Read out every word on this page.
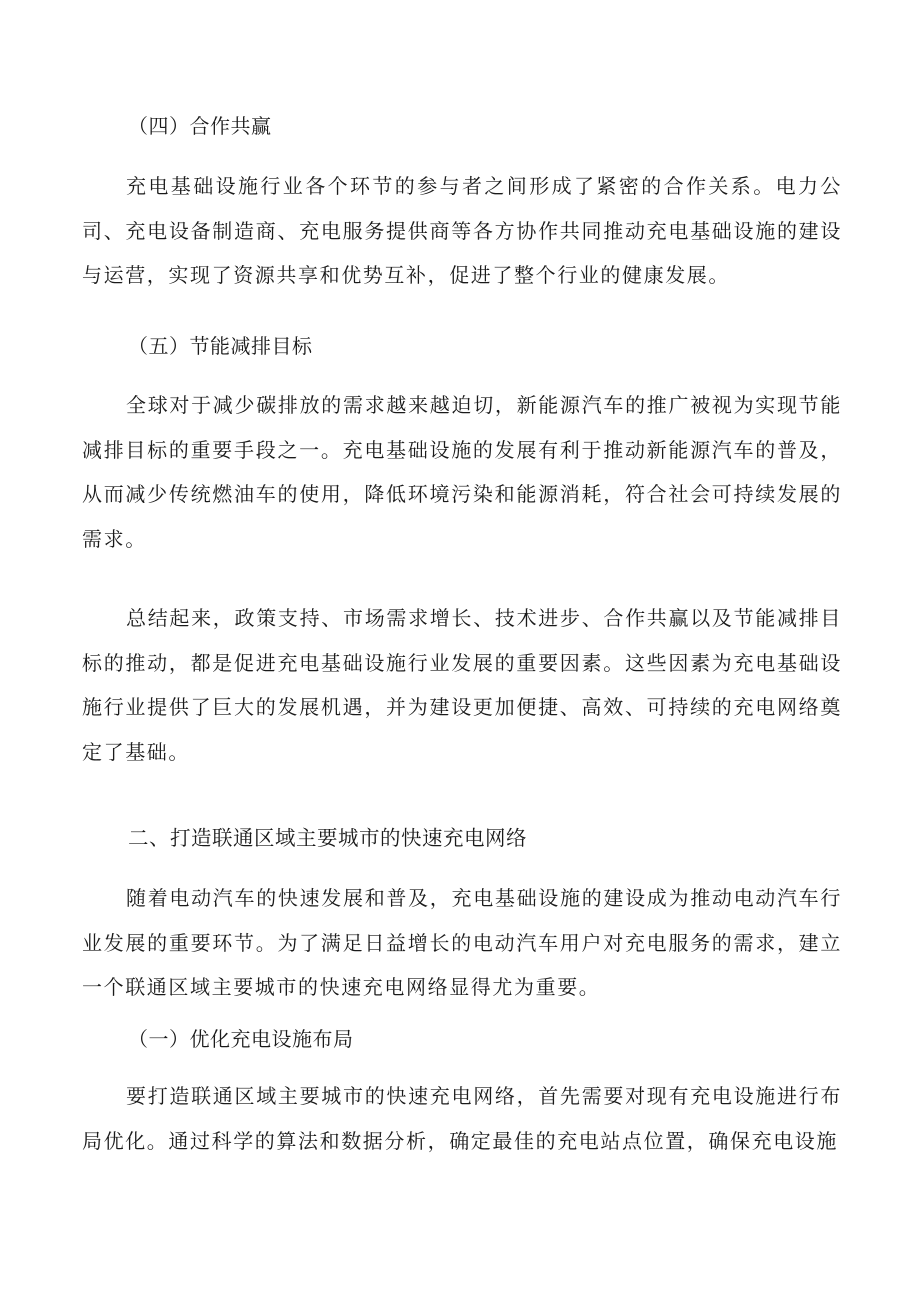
（四）合作共赢

充电基础设施行业各个环节的参与者之间形成了紧密的合作关系。电力公司、充电设备制造商、充电服务提供商等各方协作共同推动充电基础设施的建设与运营，实现了资源共享和优势互补，促进了整个行业的健康发展。

（五）节能减排目标

全球对于减少碳排放的需求越来越迫切，新能源汽车的推广被视为实现节能减排目标的重要手段之一。充电基础设施的发展有利于推动新能源汽车的普及，从而减少传统燃油车的使用，降低环境污染和能源消耗，符合社会可持续发展的需求。

总结起来，政策支持、市场需求增长、技术进步、合作共赢以及节能减排目标的推动，都是促进充电基础设施行业发展的重要因素。这些因素为充电基础设施行业提供了巨大的发展机遇，并为建设更加便捷、高效、可持续的充电网络奠定了基础。

二、打造联通区域主要城市的快速充电网络

随着电动汽车的快速发展和普及，充电基础设施的建设成为推动电动汽车行业发展的重要环节。为了满足日益增长的电动汽车用户对充电服务的需求，建立一个联通区域主要城市的快速充电网络显得尤为重要。

（一）优化充电设施布局

要打造联通区域主要城市的快速充电网络，首先需要对现有充电设施进行布局优化。通过科学的算法和数据分析，确定最佳的充电站点位置，确保充电设施
